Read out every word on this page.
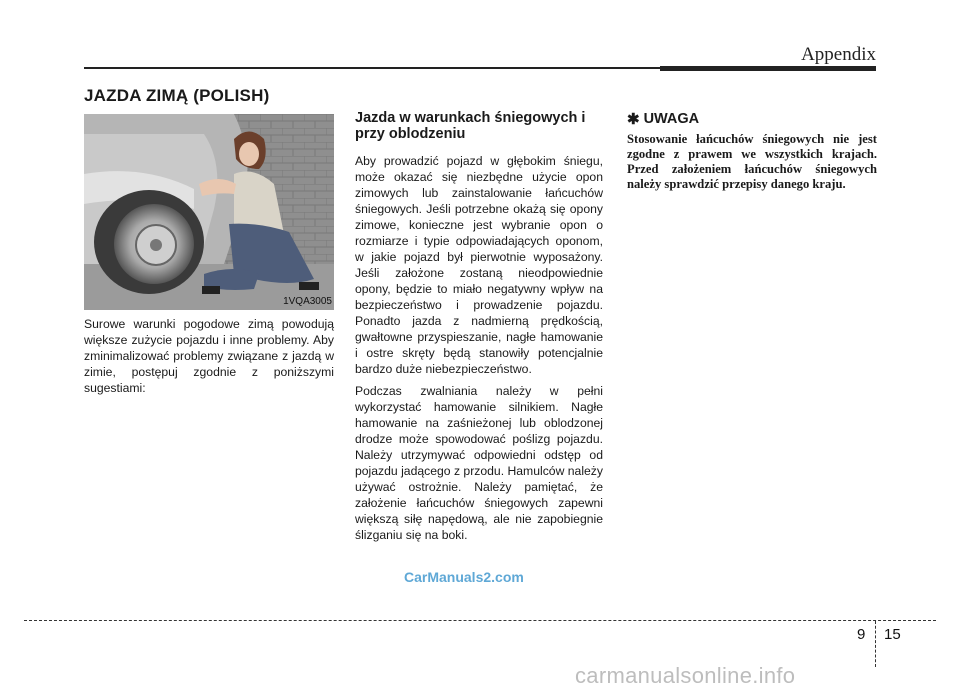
Appendix
JAZDA ZIMĄ (POLISH)
1VQA3005

Surowe warunki pogodowe zimą powodują większe zużycie pojazdu i inne problemy. Aby zminimalizować problemy związane z jazdą w zimie, postępuj zgodnie z poniższymi sugestiami:

Jazda w warunkach śniegowych i przy oblodzeniu

Aby prowadzić pojazd w głębokim śniegu, może okazać się niezbędne użycie opon zimowych lub zainstalowanie łańcuchów śniegowych. Jeśli potrzebne okażą się opony zimowe, konieczne jest wybranie opon o rozmiarze i typie odpowiadających oponom, w jakie pojazd był pierwotnie wyposażony. Jeśli założone zostaną nieodpowiednie opony, będzie to miało negatywny wpływ na bezpieczeństwo i prowadzenie pojazdu. Ponadto jazda z nadmierną prędkością, gwałtowne przyspieszanie, nagłe hamowanie i ostre skręty będą stanowiły potencjalnie bardzo duże niebezpieczeństwo.

Podczas zwalniania należy w pełni wykorzystać hamowanie silnikiem. Nagłe hamowanie na zaśnieżonej lub oblodzonej drodze może spowodować poślizg pojazdu. Należy utrzymywać odpowiedni odstęp od pojazdu jadącego z przodu. Hamulców należy używać ostrożnie. Należy pamiętać, że założenie łańcuchów śniegowych zapewni większą siłę napędową, ale nie zapobiegnie ślizganiu się na boki.

✱ UWAGA

Stosowanie łańcuchów śniegowych nie jest zgodne z prawem we wszystkich krajach. Przed założeniem łańcuchów śniegowych należy sprawdzić przepisy danego kraju.

CarManuals2.com
9 15
carmanualsonline.info
